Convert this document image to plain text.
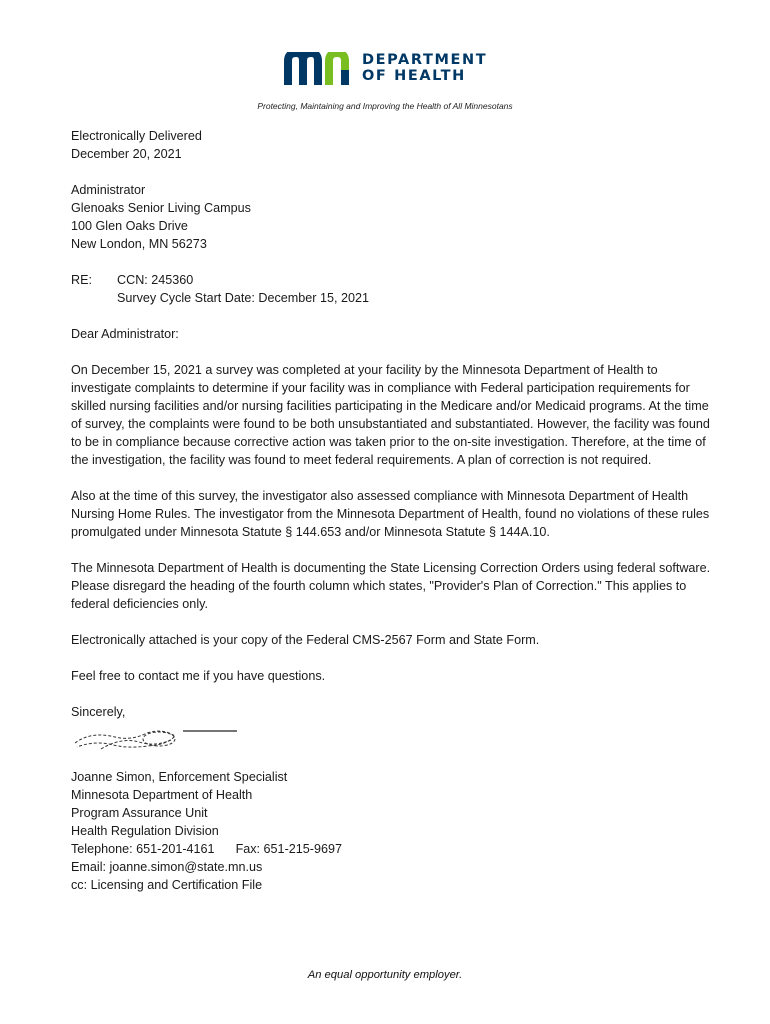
DEPARTMENT
OF HEALTH
Protecting, Maintaining and Improving the Health of All Minnesotans

Electronically Delivered

December 20, 2021

Administrator

Glenoaks Senior Living Campus

100 Glen Oaks Drive

New London, MN 56273

RE:	CCN: 245360

Survey Cycle Start Date: December 15, 2021

Dear Administrator:

On December 15, 2021 a survey was completed at your facility by the Minnesota Department of Health to investigate complaints to determine if your facility was in compliance with Federal participation requirements for skilled nursing facilities and/or nursing facilities participating in the Medicare and/or Medicaid programs. At the time of survey, the complaints were found to be both unsubstantiated and substantiated. However, the facility was found to be in compliance because corrective action was taken prior to the on-site investigation. Therefore, at the time of the investigation, the facility was found to meet federal requirements. A plan of correction is not required.

Also at the time of this survey, the investigator also assessed compliance with Minnesota Department of Health Nursing Home Rules. The investigator from the Minnesota Department of Health, found no violations of these rules promulgated under Minnesota Statute § 144.653 and/or Minnesota Statute § 144A.10.

The Minnesota Department of Health is documenting the State Licensing Correction Orders using federal software. Please disregard the heading of the fourth column which states, "Provider's Plan of Correction." This applies to federal deficiencies only.

Electronically attached is your copy of the Federal CMS-2567 Form and State Form.

Feel free to contact me if you have questions.

Sincerely,

Joanne Simon, Enforcement Specialist

Minnesota Department of Health

Program Assurance Unit

Health Regulation Division

Telephone: 651-201-4161 Fax: 651-215-9697

Email: joanne.simon@state.mn.us

cc: Licensing and Certification File

An equal opportunity employer.
